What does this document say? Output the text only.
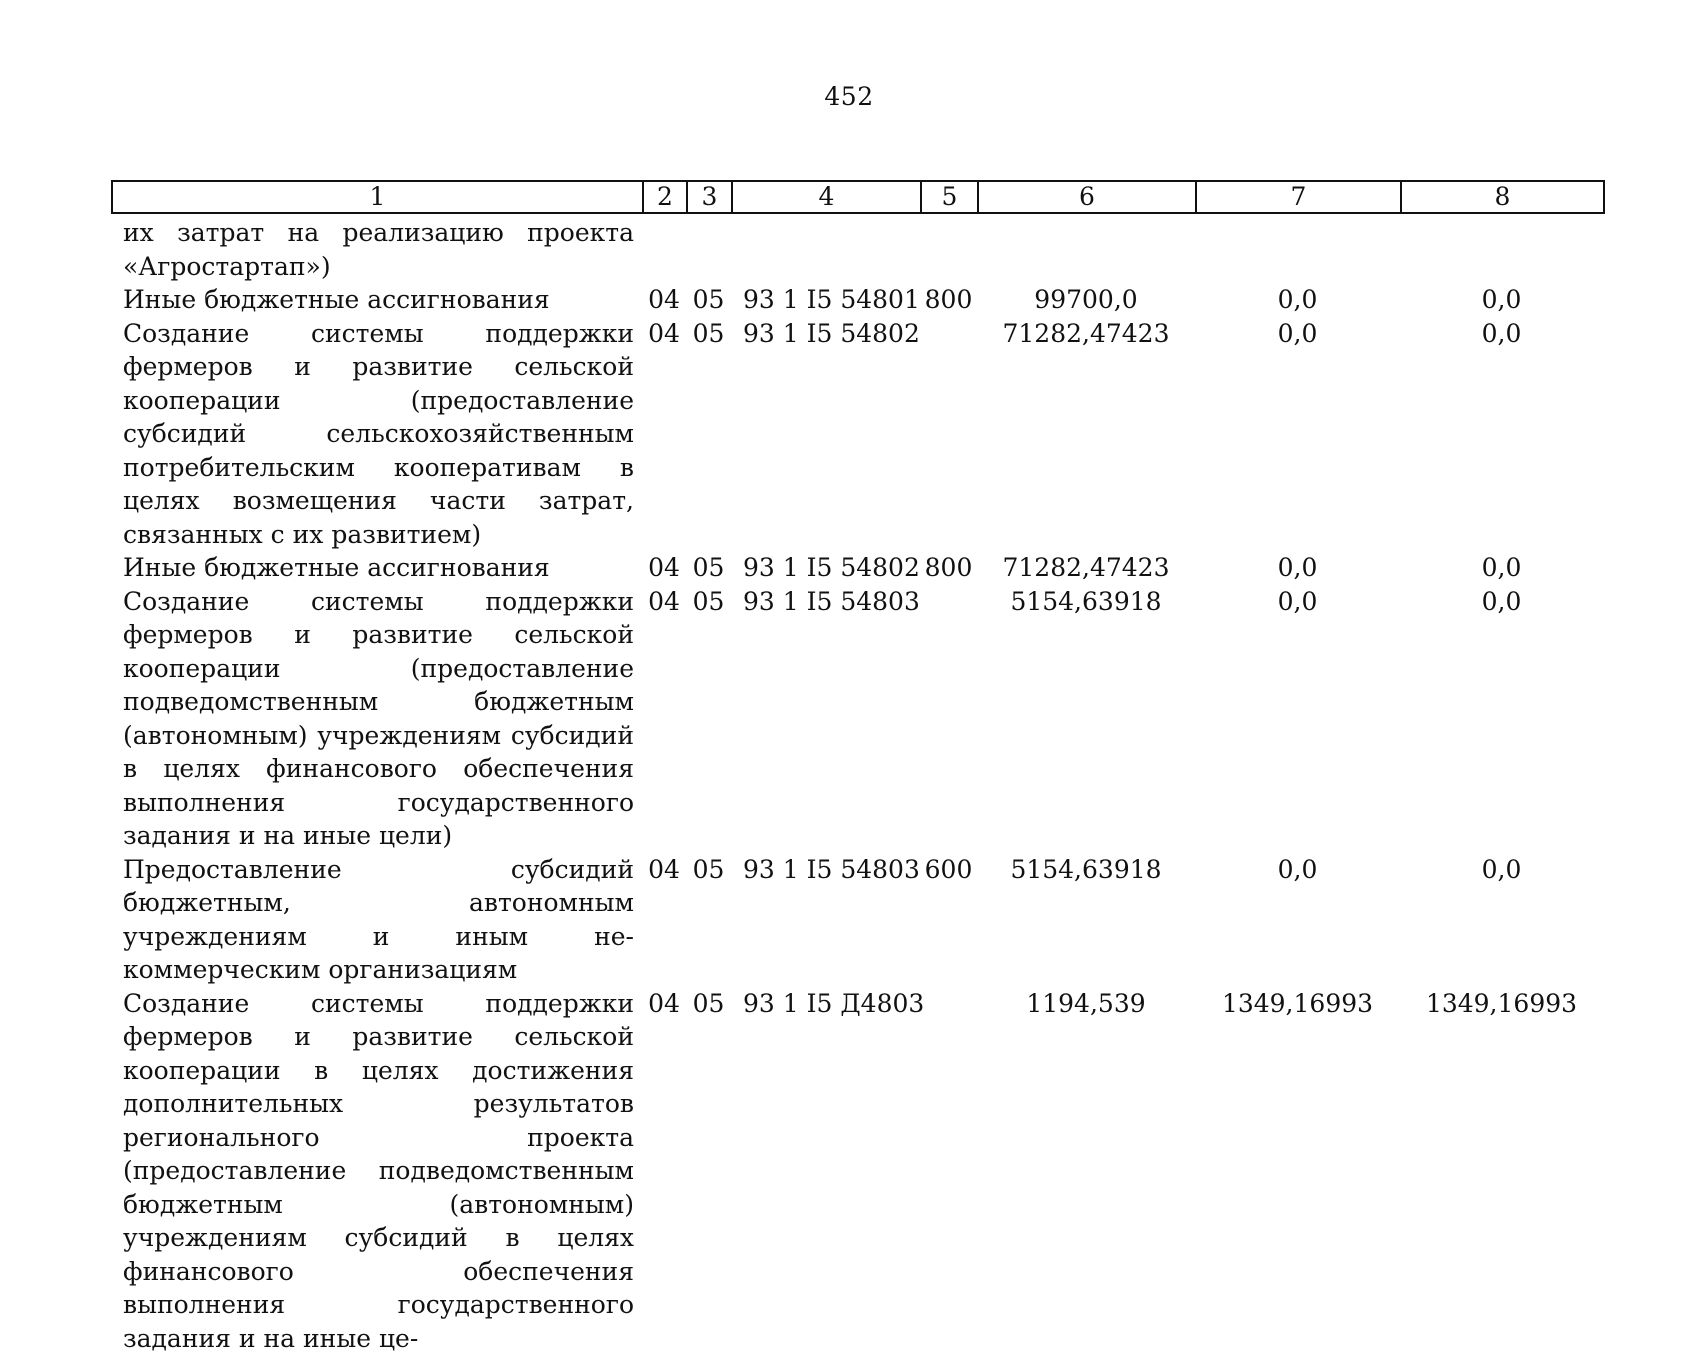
452
1	2	3	4	5	6	7	8
их затрат на реализацию проекта «Агростартап»)							
Иные бюджетные ассигнования	04	05	93 1 I5 54801	800	99700,0	0,0	0,0
Создание системы поддержки фермеров и развитие сельской кооперации (предоставление субсидий сельскохозяйственным потребительским кооперативам в целях возмещения части затрат, связанных с их развитием)	04	05	93 1 I5 54802		71282,47423	0,0	0,0
Иные бюджетные ассигнования	04	05	93 1 I5 54802	800	71282,47423	0,0	0,0
Создание системы поддержки фермеров и развитие сельской кооперации (предоставление подведомственным бюджетным (автономным) учреждениям субсидий в целях финансового обеспечения выполнения государственного задания и на иные цели)	04	05	93 1 I5 54803		5154,63918	0,0	0,0
Предоставление субсидий бюджетным, автономным учреждениям и иным некоммерческим организациям	04	05	93 1 I5 54803	600	5154,63918	0,0	0,0
Создание системы поддержки фермеров и развитие сельской кооперации в целях достижения дополнительных результатов регионального проекта (предоставление подведомственным бюджетным (автономным) учреждениям субсидий в целях финансового обеспечения выполнения государственного задания и на иные це-	04	05	93 1 I5 Д4803		1194,539	1349,16993	1349,16993
